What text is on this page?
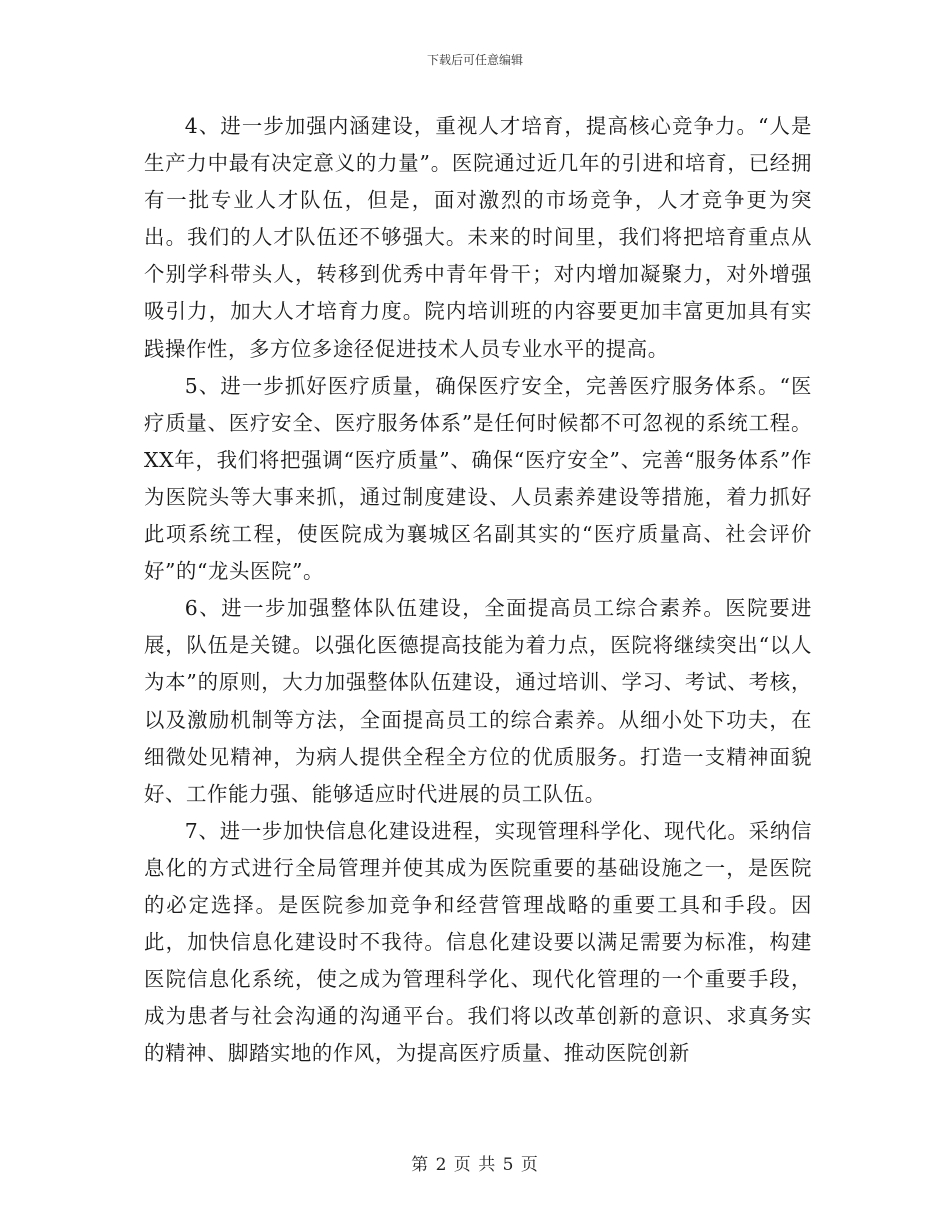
下载后可任意编辑

4、进一步加强内涵建设，重视人才培育，提高核心竞争力。“人是生产力中最有决定意义的力量”。医院通过近几年的引进和培育，已经拥有一批专业人才队伍，但是，面对激烈的市场竞争，人才竞争更为突出。我们的人才队伍还不够强大。未来的时间里，我们将把培育重点从个别学科带头人，转移到优秀中青年骨干；对内增加凝聚力，对外增强吸引力，加大人才培育力度。院内培训班的内容要更加丰富更加具有实践操作性，多方位多途径促进技术人员专业水平的提高。

5、进一步抓好医疗质量，确保医疗安全，完善医疗服务体系。“医疗质量、医疗安全、医疗服务体系”是任何时候都不可忽视的系统工程。XX年，我们将把强调“医疗质量”、确保“医疗安全”、完善“服务体系”作为医院头等大事来抓，通过制度建设、人员素养建设等措施，着力抓好此项系统工程，使医院成为襄城区名副其实的“医疗质量高、社会评价好”的“龙头医院”。

6、进一步加强整体队伍建设，全面提高员工综合素养。医院要进展，队伍是关键。以强化医德提高技能为着力点，医院将继续突出“以人为本”的原则，大力加强整体队伍建设，通过培训、学习、考试、考核，以及激励机制等方法，全面提高员工的综合素养。从细小处下功夫，在细微处见精神，为病人提供全程全方位的优质服务。打造一支精神面貌好、工作能力强、能够适应时代进展的员工队伍。

7、进一步加快信息化建设进程，实现管理科学化、现代化。采纳信息化的方式进行全局管理并使其成为医院重要的基础设施之一，是医院的必定选择。是医院参加竞争和经营管理战略的重要工具和手段。因此，加快信息化建设时不我待。信息化建设要以满足需要为标准，构建医院信息化系统，使之成为管理科学化、现代化管理的一个重要手段，成为患者与社会沟通的沟通平台。我们将以改革创新的意识、求真务实的精神、脚踏实地的作风，为提高医疗质量、推动医院创新

第 2 页 共 5 页
